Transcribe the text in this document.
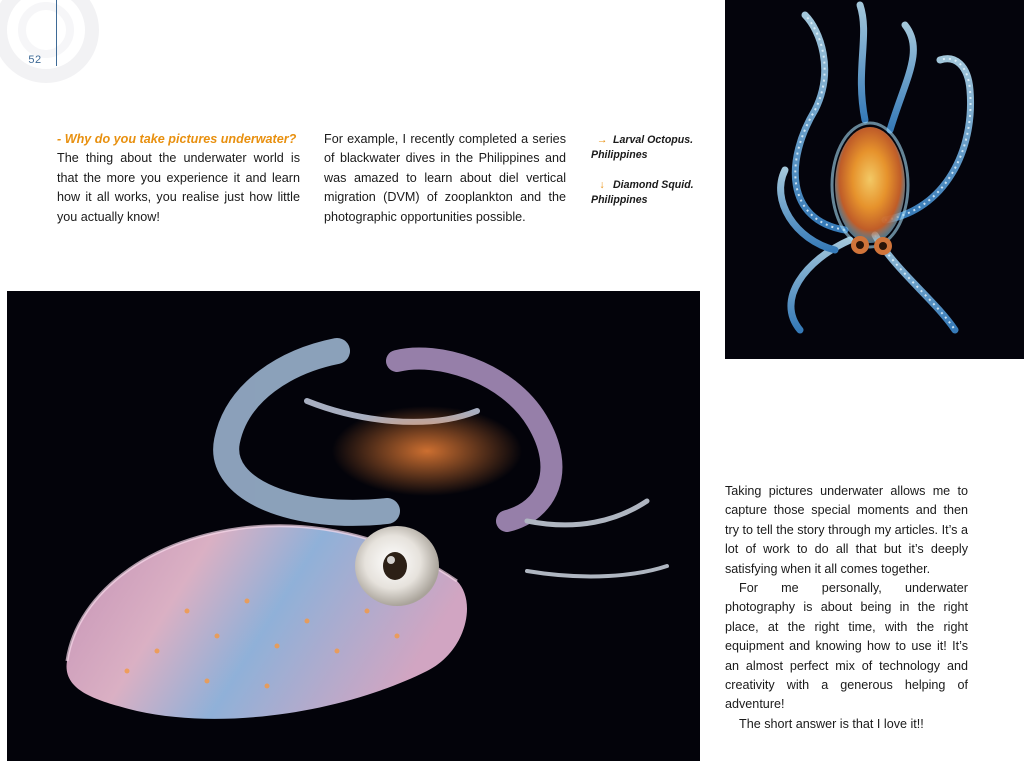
52

- Why do you take pictures underwater?

The thing about the underwater world is that the more you experience it and learn how it all works, you realise just how little you actually know!

For example, I recently completed a series of blackwater dives in the Philippines and was amazed to learn about diel vertical migration (DVM) of zooplankton and the photographic opportunities possible.

→ Larval Octopus. Philippines
↓ Diamond Squid. Philippines

Taking pictures underwater allows me to capture those special moments and then try to tell the story through my articles. It’s a lot of work to do all that but it’s deeply satisfying when it all comes together.

For me personally, underwater photography is about being in the right place, at the right time, with the right equipment and knowing how to use it! It’s an almost perfect mix of technology and creativity with a generous helping of adventure!

The short answer is that I love it!!
